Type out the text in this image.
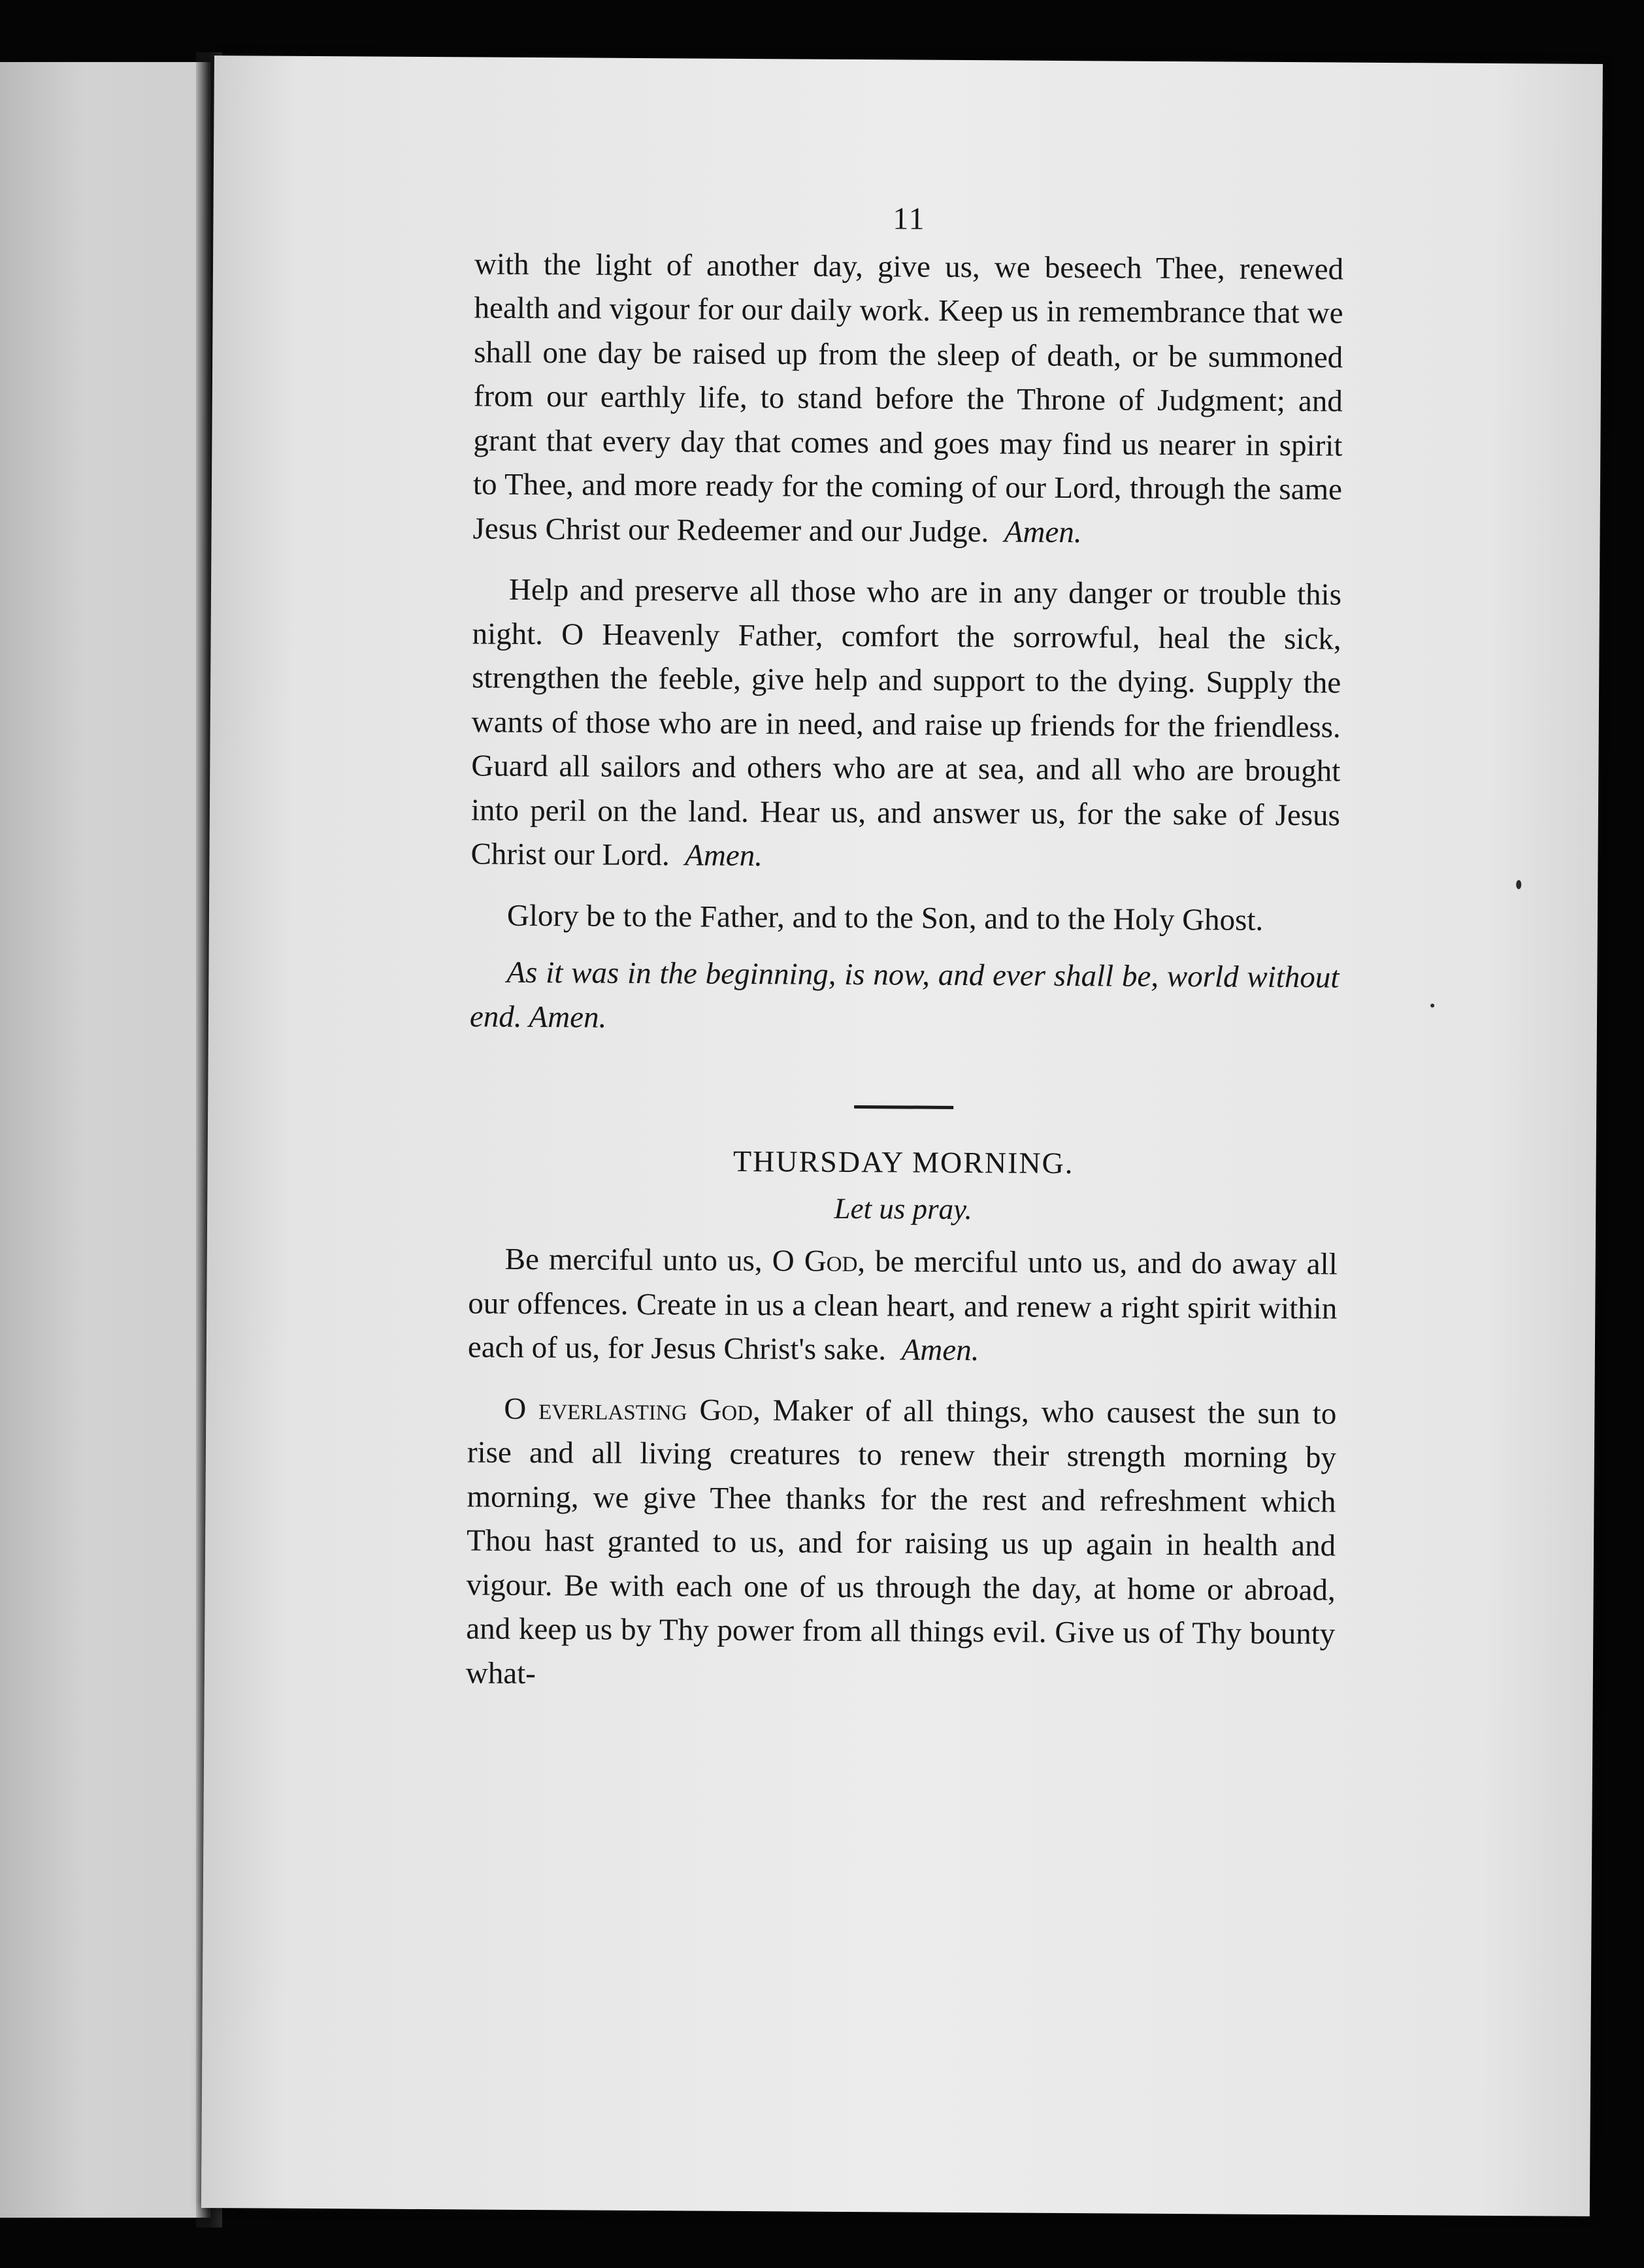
11

with the light of another day, give us, we beseech Thee, renewed health and vigour for our daily work. Keep us in remembrance that we shall one day be raised up from the sleep of death, or be summoned from our earthly life, to stand before the Throne of Judgment; and grant that every day that comes and goes may find us nearer in spirit to Thee, and more ready for the coming of our Lord, through the same Jesus Christ our Redeemer and our Judge. Amen.

Help and preserve all those who are in any danger or trouble this night. O Heavenly Father, comfort the sorrowful, heal the sick, strengthen the feeble, give help and support to the dying. Supply the wants of those who are in need, and raise up friends for the friendless. Guard all sailors and others who are at sea, and all who are brought into peril on the land. Hear us, and answer us, for the sake of Jesus Christ our Lord. Amen.

Glory be to the Father, and to the Son, and to the Holy Ghost.

As it was in the beginning, is now, and ever shall be, world without end. Amen.

THURSDAY MORNING.
Let us pray.

Be merciful unto us, O God, be merciful unto us, and do away all our offences. Create in us a clean heart, and renew a right spirit within each of us, for Jesus Christ's sake. Amen.

O everlasting God, Maker of all things, who causest the sun to rise and all living creatures to renew their strength morning by morning, we give Thee thanks for the rest and refreshment which Thou hast granted to us, and for raising us up again in health and vigour. Be with each one of us through the day, at home or abroad, and keep us by Thy power from all things evil. Give us of Thy bounty what-
